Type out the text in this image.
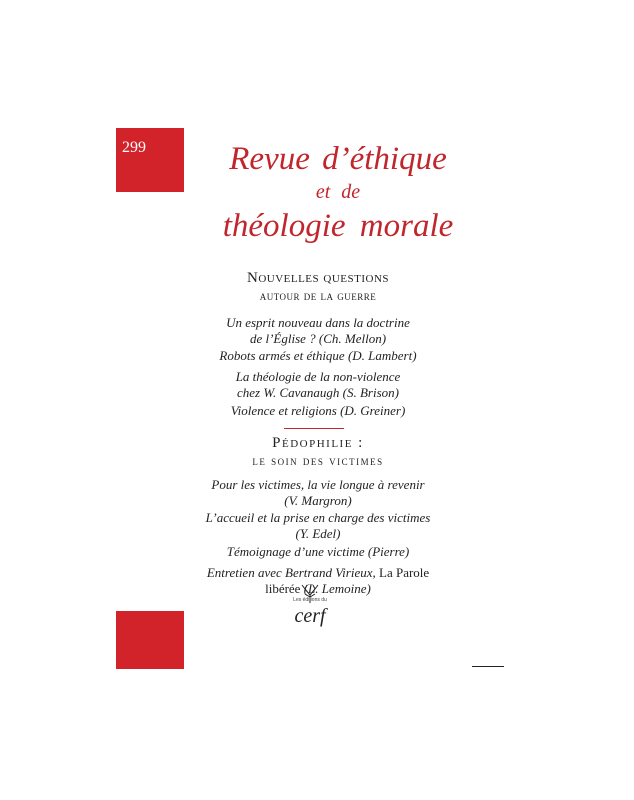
299	Revue d’éthique
et de
théologie morale
Nouvelles questions
autour de la guerre
Un esprit nouveau dans la doctrine
de l’Église ? (Ch. Mellon)
Robots armés et éthique (D. Lambert)
La théologie de la non-violence
chez W. Cavanaugh (S. Brison)
Violence et religions (D. Greiner)
Pédophilie :
le soin des victimes
Pour les victimes, la vie longue à revenir
(V. Margron)
L’accueil et la prise en charge des victimes
(Y. Edel)
Témoignage d’une victime (Pierre)
Entretien avec Bertrand Virieux, La Parole
libérée (L. Lemoine)
Les éditions du
cerf
